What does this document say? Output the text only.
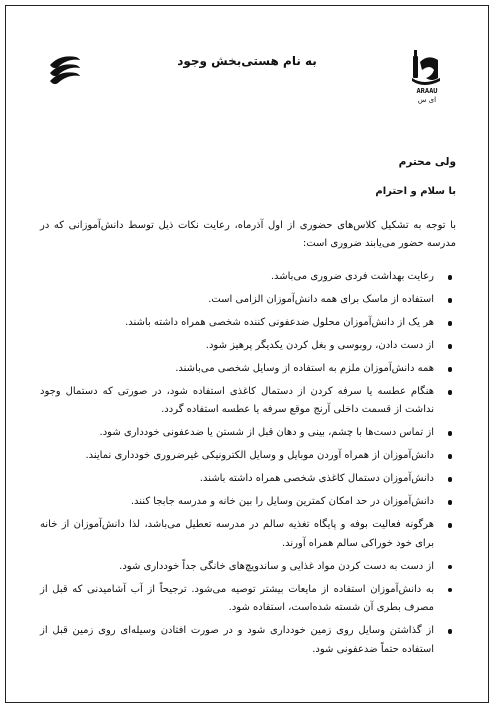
به نام هستی‌بخش وجود
ARAAU
ای س
ولی محترم
با سلام و احترام
با توجه به تشکیل کلاس‌های حضوری از اول آذرماه، رعایت نکات ذیل توسط دانش‌آموزانی که در مدرسه حضور می‌یابند ضروری است:
رعایت بهداشت فردی ضروری می‌باشد.
استفاده از ماسک برای همه دانش‌آموزان الزامی است.
هر یک از دانش‌آموزان محلول ضدعفونی کننده شخصی همراه داشته باشند.
از دست دادن، روبوسی و بغل کردن یکدیگر پرهیز شود.
همه دانش‌آموزان ملزم به استفاده از وسایل شخصی می‌باشند.
هنگام عطسه یا سرفه کردن از دستمال کاغذی استفاده شود، در صورتی که دستمال وجود نداشت از قسمت داخلی آرنج موقع سرفه یا عطسه استفاده گردد.
از تماس دست‌ها با چشم، بینی و دهان قبل از شستن یا ضدعفونی خودداری شود.
دانش‌آموزان از همراه آوردن موبایل و وسایل الکترونیکی غیرضروری خودداری نمایند.
دانش‌آموزان دستمال کاغذی شخصی همراه داشته باشند.
دانش‌آموزان در حد امکان کمترین وسایل را بین خانه و مدرسه جابجا کنند.
هرگونه فعالیت بوفه و پایگاه تغذیه سالم در مدرسه تعطیل می‌باشد، لذا دانش‌آموزان از خانه برای خود خوراکی سالم همراه آورند.
از دست به دست کردن مواد غذایی و ساندویچ‌های خانگی جداً خودداری شود.
به دانش‌آموزان استفاده از مایعات بیشتر توصیه می‌شود. ترجیحاً از آب آشامیدنی که قبل از مصرف بطری آن شسته شده‌است، استفاده شود.
از گذاشتن وسایل روی زمین خودداری شود و در صورت افتادن وسیله‌ای روی زمین قبل از استفاده حتماً ضدعفونی شود.
